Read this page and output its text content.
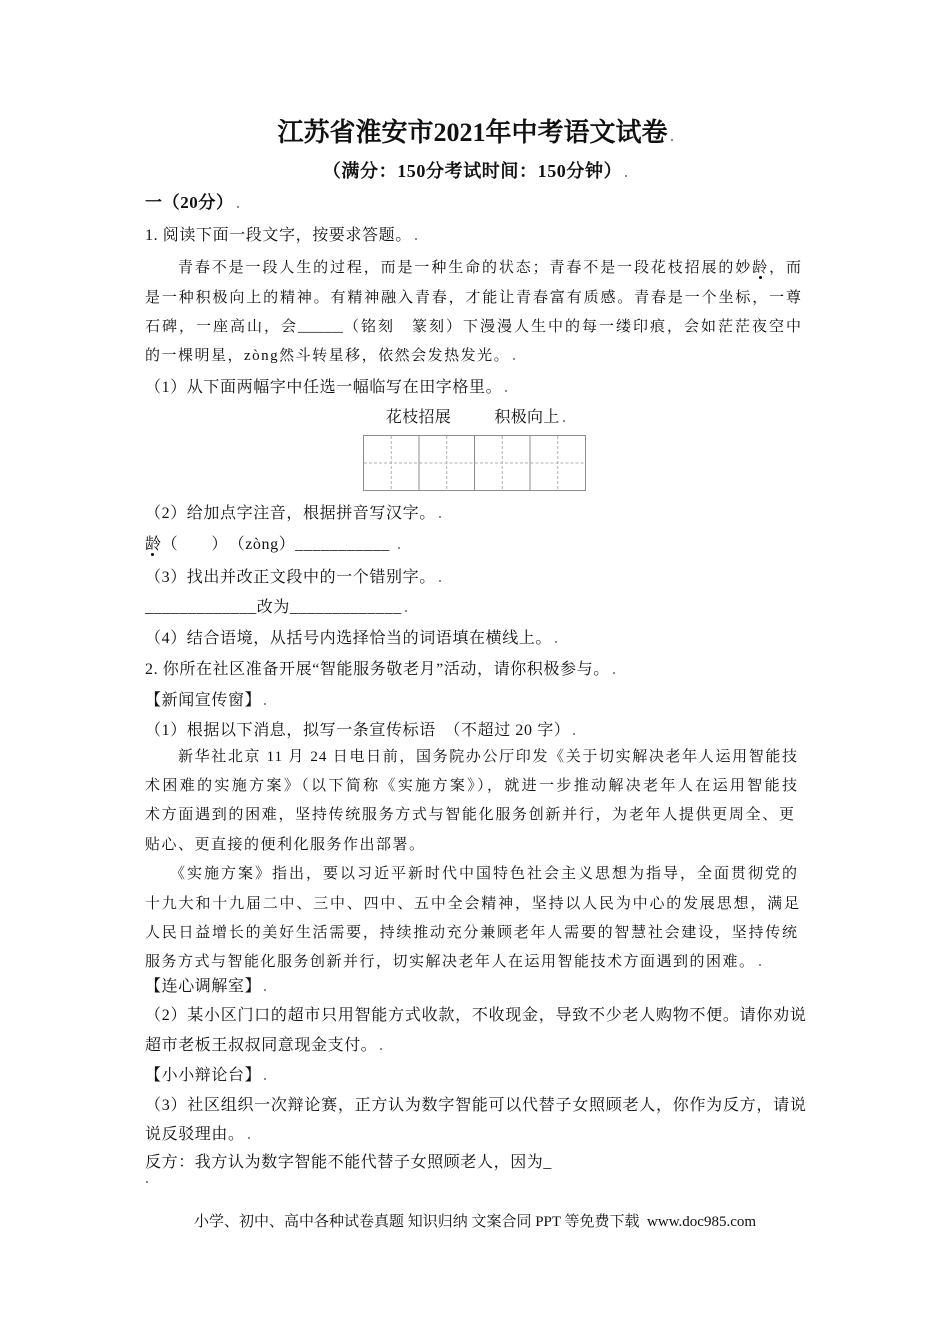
江苏省淮安市2021年中考语文试卷
（满分：150分考试时间：150分钟）
一（20分）
1. 阅读下面一段文字，按要求答题。
青春不是一段人生的过程，而是一种生命的状态；青春不是一段花枝招展的妙龄，而
是一种积极向上的精神。有精神融入青春，才能让青春富有质感。青春是一个坐标，一尊
石碑，一座高山，会______（铭刻　篆刻）下漫漫人生中的每一缕印痕，会如茫茫夜空中
的一棵明星，zòng然斗转星移，依然会发热发光。
（1）从下面两幅字中任选一幅临写在田字格里。
花枝招展	积极向上
（2）给加点字注音，根据拼音写汉字。
龄（　　）　（zòng）___________
（3）找出并改正文段中的一个错别字。
_____________改为_____________
（4）结合语境，从括号内选择恰当的词语填在横线上。
2. 你所在社区准备开展“智能服务敬老月”活动，请你积极参与。
【新闻宣传窗】
（1）根据以下消息，拟写一条宣传标语　（不超过 20 字）
新华社北京 11 月 24 日电日前，国务院办公厅印发《关于切实解决老年人运用智能技
术困难的实施方案》（以下简称《实施方案》），就进一步推动解决老年人在运用智能技
术方面遇到的困难，坚持传统服务方式与智能化服务创新并行，为老年人提供更周全、更
贴心、更直接的便利化服务作出部署。
《实施方案》指出，要以习近平新时代中国特色社会主义思想为指导，全面贯彻党的
十九大和十九届二中、三中、四中、五中全会精神，坚持以人民为中心的发展思想，满足
人民日益增长的美好生活需要，持续推动充分兼顾老年人需要的智慧社会建设，坚持传统
服务方式与智能化服务创新并行，切实解决老年人在运用智能技术方面遇到的困难。
【连心调解室】
（2）某小区门口的超市只用智能方式收款，不收现金，导致不少老人购物不便。请你劝说
超市老板王叔叔同意现金支付。
【小小辩论台】
（3）社区组织一次辩论赛，正方认为数字智能可以代替子女照顾老人，你作为反方，请说
说反驳理由。
反方：我方认为数字智能不能代替子女照顾老人，因为_
小学、初中、高中各种试卷真题 知识归纳 文案合同 PPT 等免费下载  www.doc985.com
